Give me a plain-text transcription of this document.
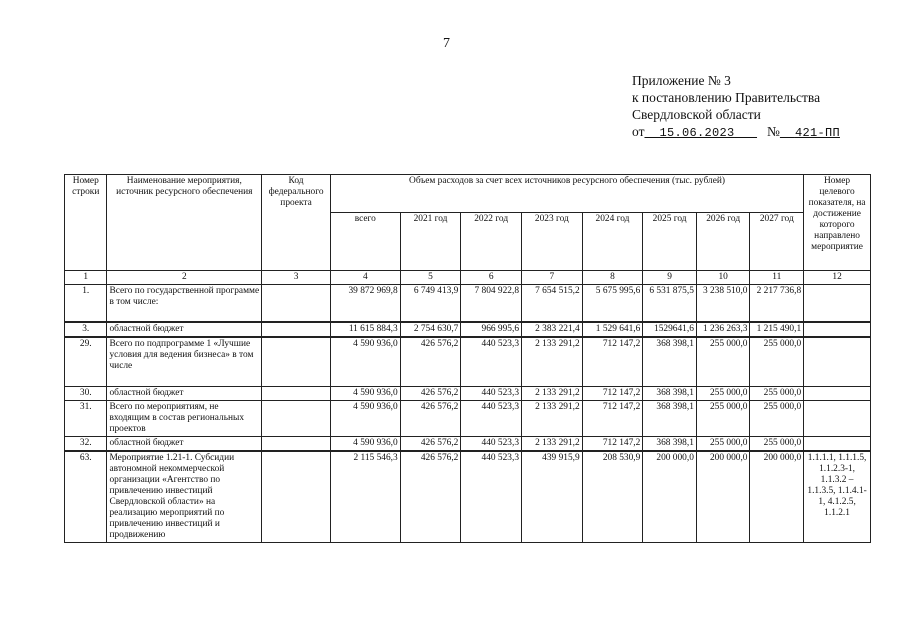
7
Приложение № 3
к постановлению Правительства
Свердловской области
от 15.06.2023 № 421-ПП
Номер строки	Наименование мероприятия, источник ресурсного обеспечения	Код федерального проекта	Объем расходов за счет всех источников ресурсного обеспечения (тыс. рублей)								Номер целевого показателя, на достижение которого направлено мероприятие
			всего	2021 год	2022 год	2023 год	2024 год	2025 год	2026 год	2027 год	
1	2	3	4	5	6	7	8	9	10	11	12
1.	Всего по государственной программе в том числе:		39 872 969,8	6 749 413,9	7 804 922,8	7 654 515,2	5 675 995,6	6 531 875,5	3 238 510,0	2 217 736,8	
3.	областной бюджет		11 615 884,3	2 754 630,7	966 995,6	2 383 221,4	1 529 641,6	1529641,6	1 236 263,3	1 215 490,1	
29.	Всего по подпрограмме 1 «Лучшие условия для ведения бизнеса» в том числе		4 590 936,0	426 576,2	440 523,3	2 133 291,2	712 147,2	368 398,1	255 000,0	255 000,0	
30.	областной бюджет		4 590 936,0	426 576,2	440 523,3	2 133 291,2	712 147,2	368 398,1	255 000,0	255 000,0	
31.	Всего по мероприятиям, не входящим в состав региональных проектов		4 590 936,0	426 576,2	440 523,3	2 133 291,2	712 147,2	368 398,1	255 000,0	255 000,0	
32.	областной бюджет		4 590 936,0	426 576,2	440 523,3	2 133 291,2	712 147,2	368 398,1	255 000,0	255 000,0	
63.	Мероприятие 1.21-1. Субсидии автономной некоммерческой организации «Агентство по привлечению инвестиций Свердловской области» на реализацию мероприятий по привлечению инвестиций и продвижению		2 115 546,3	426 576,2	440 523,3	439 915,9	208 530,9	200 000,0	200 000,0	200 000,0	1.1.1.1, 1.1.1.5, 1.1.2.3-1, 1.1.3.2 – 1.1.3.5, 1.1.4.1-1, 4.1.2.5, 1.1.2.1
